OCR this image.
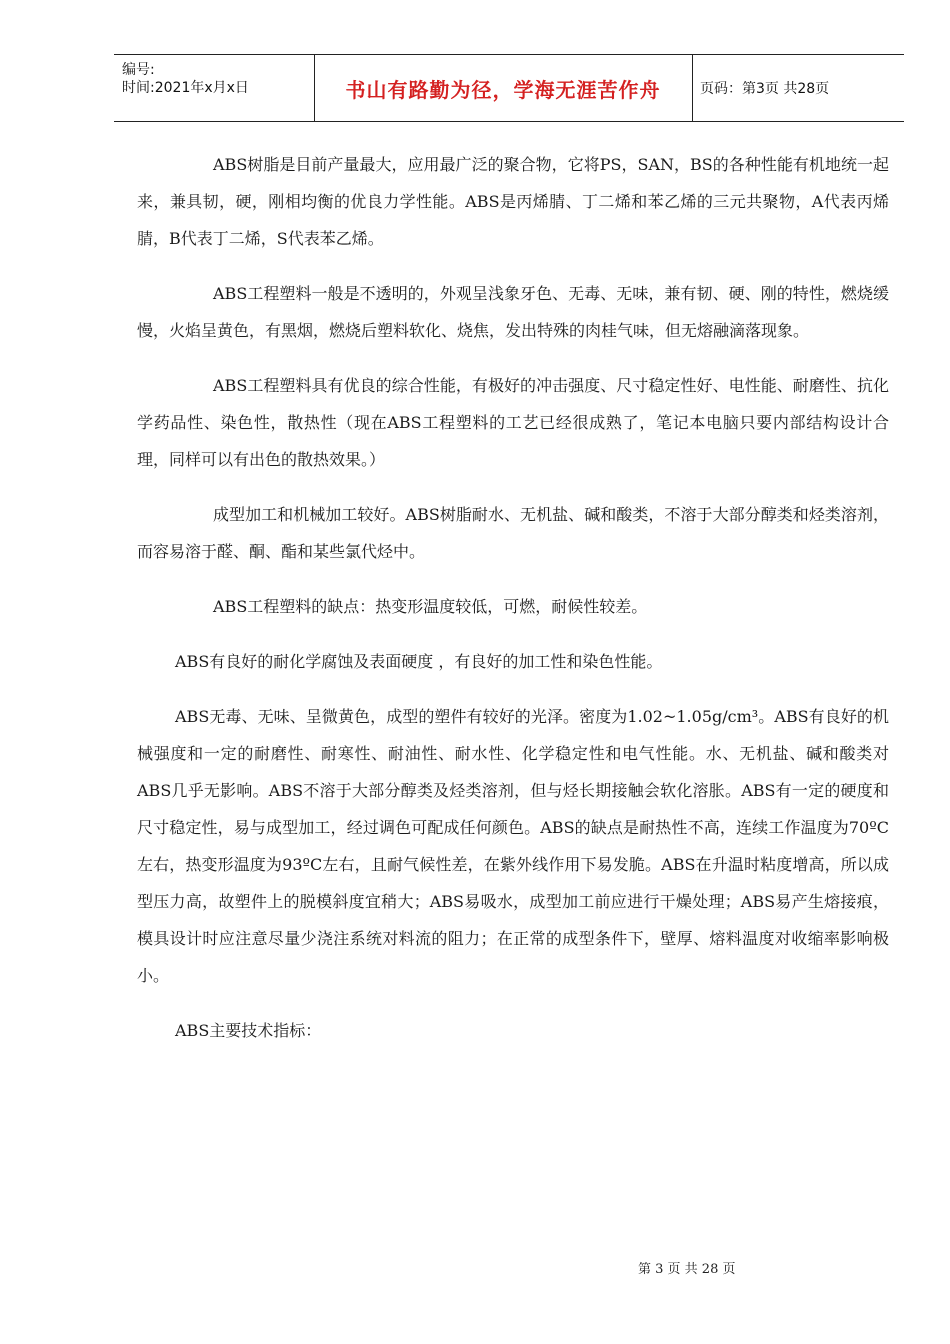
编号:
时间:2021年x月x日	书山有路勤为径，学海无涯苦作舟	页码：第3页 共28页

ABS树脂是目前产量最大，应用最广泛的聚合物，它将PS，SAN，BS的各种性能有机地统一起来，兼具韧，硬，刚相均衡的优良力学性能。ABS是丙烯腈、丁二烯和苯乙烯的三元共聚物，A代表丙烯腈，B代表丁二烯，S代表苯乙烯。

ABS工程塑料一般是不透明的，外观呈浅象牙色、无毒、无味，兼有韧、硬、刚的特性，燃烧缓慢，火焰呈黄色，有黑烟，燃烧后塑料软化、烧焦，发出特殊的肉桂气味，但无熔融滴落现象。

ABS工程塑料具有优良的综合性能，有极好的冲击强度、尺寸稳定性好、电性能、耐磨性、抗化学药品性、染色性，散热性（现在ABS工程塑料的工艺已经很成熟了，笔记本电脑只要内部结构设计合理，同样可以有出色的散热效果。）

成型加工和机械加工较好。ABS树脂耐水、无机盐、碱和酸类，不溶于大部分醇类和烃类溶剂，而容易溶于醛、酮、酯和某些氯代烃中。

ABS工程塑料的缺点：热变形温度较低，可燃，耐候性较差。

ABS有良好的耐化学腐蚀及表面硬度 ，有良好的加工性和染色性能。

ABS无毒、无味、呈微黄色，成型的塑件有较好的光泽。密度为1.02~1.05g/cm³。ABS有良好的机械强度和一定的耐磨性、耐寒性、耐油性、耐水性、化学稳定性和电气性能。水、无机盐、碱和酸类对ABS几乎无影响。ABS不溶于大部分醇类及烃类溶剂，但与烃长期接触会软化溶胀。ABS有一定的硬度和尺寸稳定性，易与成型加工，经过调色可配成任何颜色。ABS的缺点是耐热性不高，连续工作温度为70ºC左右，热变形温度为93ºC左右，且耐气候性差，在紫外线作用下易发脆。ABS在升温时粘度增高，所以成型压力高，故塑件上的脱模斜度宜稍大；ABS易吸水，成型加工前应进行干燥处理；ABS易产生熔接痕，模具设计时应注意尽量少浇注系统对料流的阻力；在正常的成型条件下，壁厚、熔料温度对收缩率影响极小。

ABS主要技术指标：

第 3 页 共 28 页
